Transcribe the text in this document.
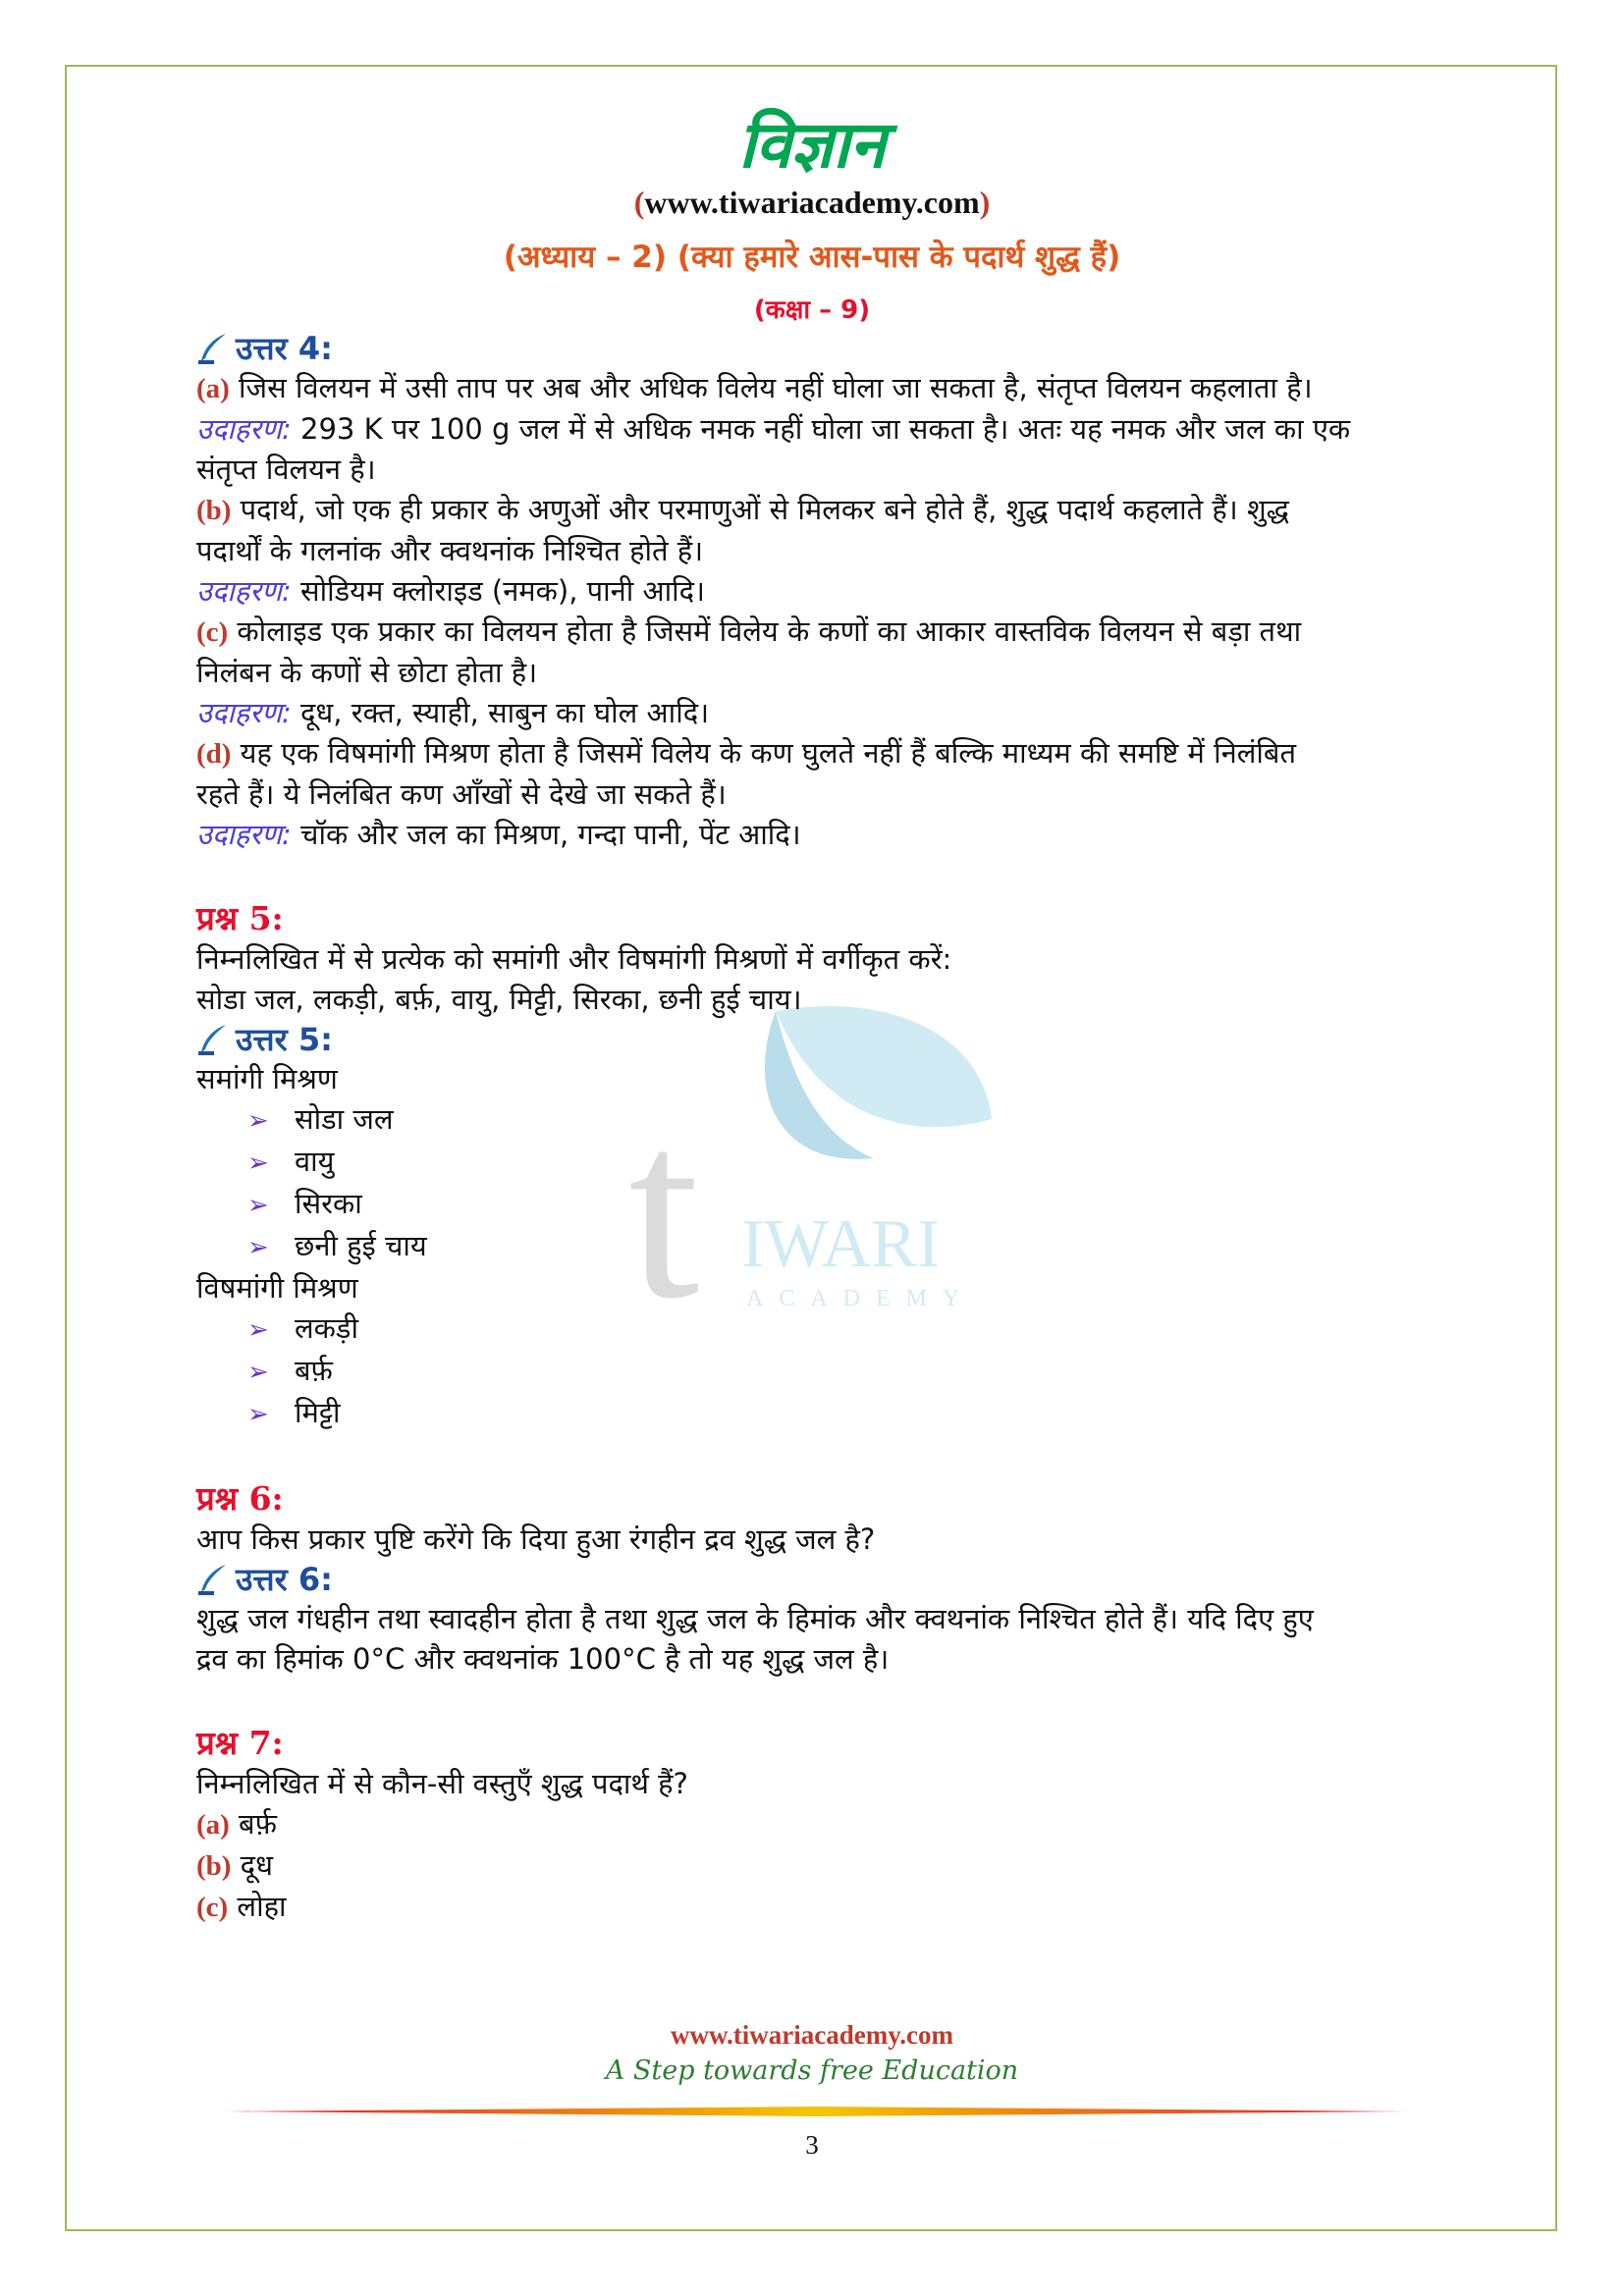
t IWARI
ACADEMY
विज्ञान
(www.tiwariacademy.com)
(अध्याय – 2) (क्या हमारे आस-पास के पदार्थ शुद्ध हैं)
(कक्षा – 9)
उत्तर 4:
(a) जिस विलयन में उसी ताप पर अब और अधिक विलेय नहीं घोला जा सकता है, संतृप्त विलयन कहलाता है।
उदाहरण: 293 K पर 100 g जल में से अधिक नमक नहीं घोला जा सकता है। अतः यह नमक और जल का एक
संतृप्त विलयन है।
(b) पदार्थ, जो एक ही प्रकार के अणुओं और परमाणुओं से मिलकर बने होते हैं, शुद्ध पदार्थ कहलाते हैं। शुद्ध
पदार्थों के गलनांक और क्वथनांक निश्चित होते हैं।
उदाहरण: सोडियम क्लोराइड (नमक), पानी आदि।
(c) कोलाइड एक प्रकार का विलयन होता है जिसमें विलेय के कणों का आकार वास्तविक विलयन से बड़ा तथा
निलंबन के कणों से छोटा होता है।
उदाहरण: दूध, रक्त, स्याही, साबुन का घोल आदि।
(d) यह एक विषमांगी मिश्रण होता है जिसमें विलेय के कण घुलते नहीं हैं बल्कि माध्यम की समष्टि में निलंबित
रहते हैं। ये निलंबित कण आँखों से देखे जा सकते हैं।
उदाहरण: चॉक और जल का मिश्रण, गन्दा पानी, पेंट आदि।
प्रश्न 5:
निम्नलिखित में से प्रत्येक को समांगी और विषमांगी मिश्रणों में वर्गीकृत करें:
सोडा जल, लकड़ी, बर्फ़, वायु, मिट्टी, सिरका, छनी हुई चाय।
उत्तर 5:
समांगी मिश्रण
➢ सोडा जल
➢ वायु
➢ सिरका
➢ छनी हुई चाय
विषमांगी मिश्रण
➢ लकड़ी
➢ बर्फ़
➢ मिट्टी
प्रश्न 6:
आप किस प्रकार पुष्टि करेंगे कि दिया हुआ रंगहीन द्रव शुद्ध जल है?
उत्तर 6:
शुद्ध जल गंधहीन तथा स्वादहीन होता है तथा शुद्ध जल के हिमांक और क्वथनांक निश्चित होते हैं। यदि दिए हुए
द्रव का हिमांक 0°C और क्वथनांक 100°C है तो यह शुद्ध जल है।
प्रश्न 7:
निम्नलिखित में से कौन-सी वस्तुएँ शुद्ध पदार्थ हैं?
(a) बर्फ़
(b) दूध
(c) लोहा
www.tiwariacademy.com
A Step towards free Education
3
